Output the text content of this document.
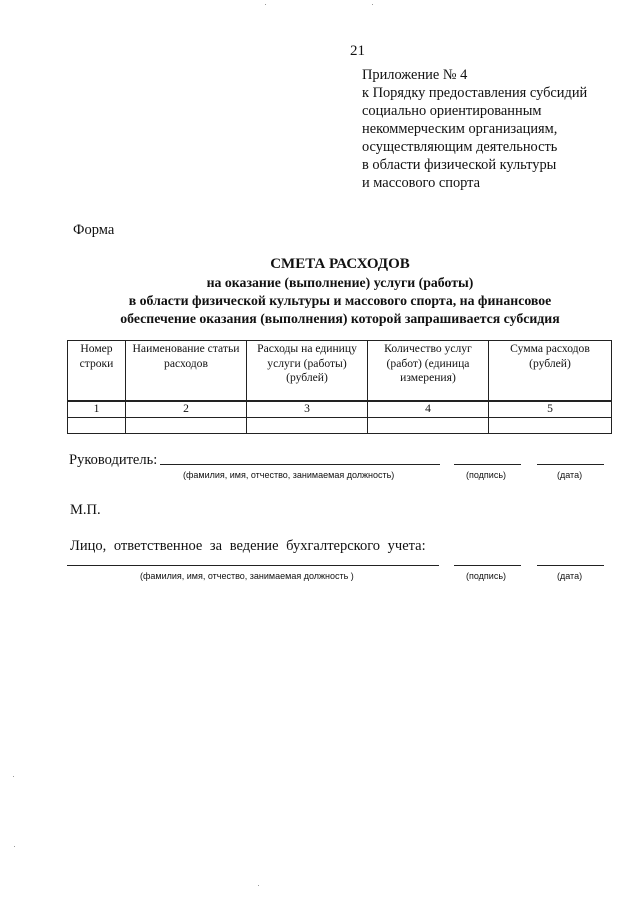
21
Приложение № 4
к Порядку предоставления субсидий
социально ориентированным
некоммерческим организациям,
осуществляющим деятельность
в области физической культуры
и массового спорта
Форма
СМЕТА РАСХОДОВ
на оказание (выполнение) услуги (работы)
в области физической культуры и массового спорта, на финансовое
обеспечение оказания (выполнения) которой запрашивается субсидия
Номер строки	Наименование статьи расходов	Расходы на единицу услуги (работы) (рублей)	Количество услуг (работ) (единица измерения)	Сумма расходов (рублей)

1	2	3	4	5

Руководитель:
(фамилия, имя, отчество, занимаемая должность)	(подпись)	(дата)
М.П.
Лицо, ответственное за ведение бухгалтерского учета:
(фамилия, имя, отчество, занимаемая должность )	(подпись)	(дата)
